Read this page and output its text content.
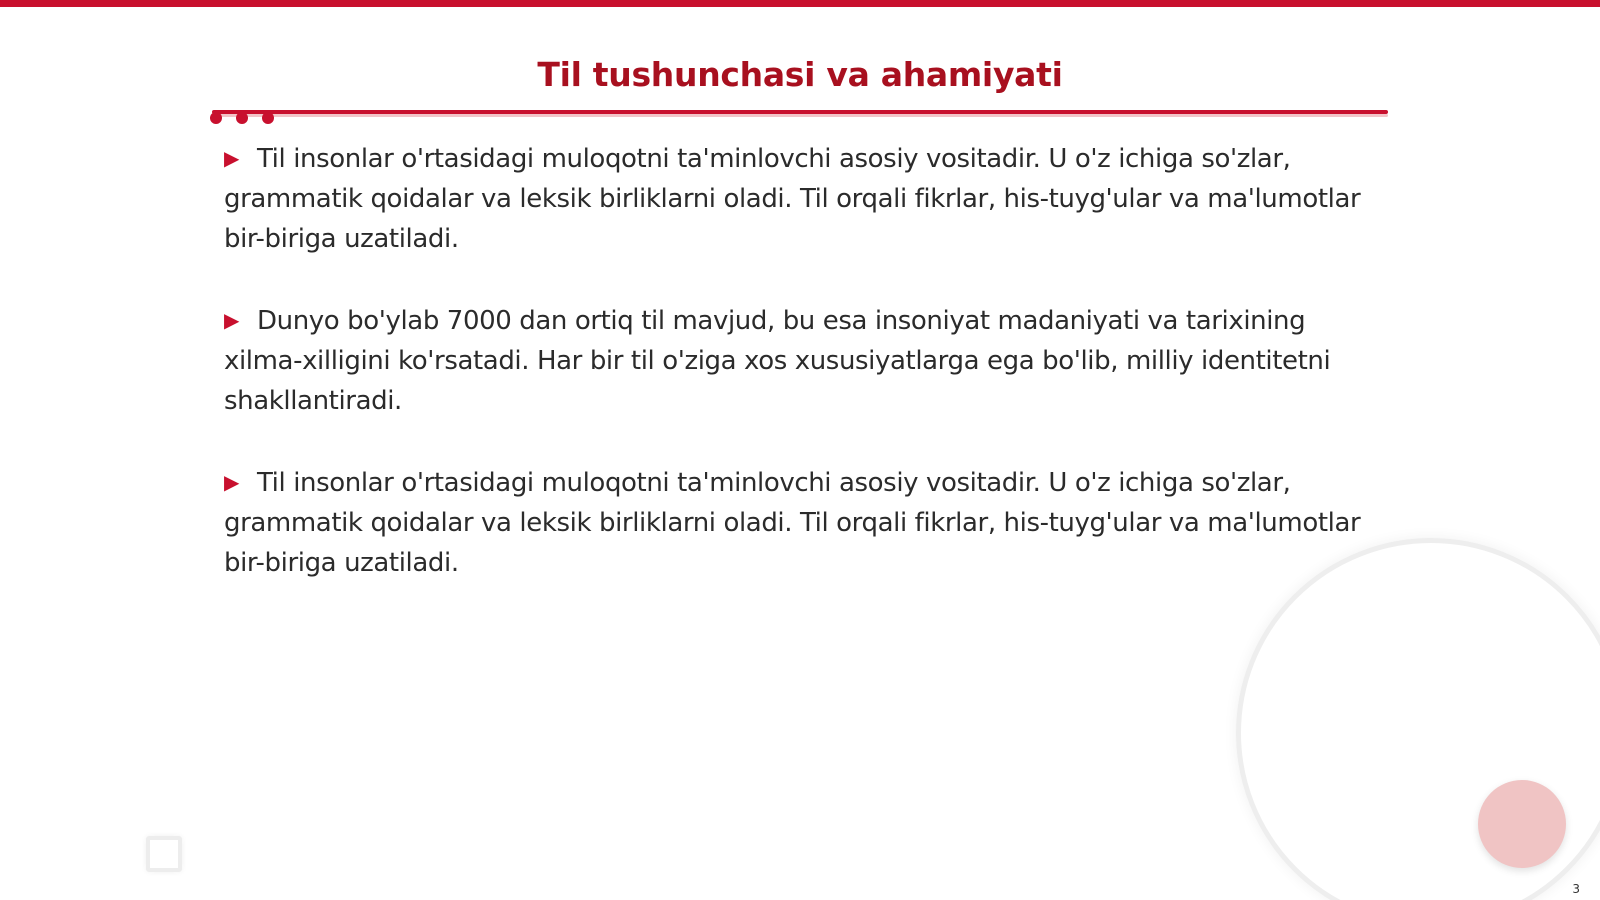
Til tushunchasi va ahamiyati

▶ Til insonlar o'rtasidagi muloqotni ta'minlovchi asosiy vositadir. U o'z ichiga so'zlar, grammatik qoidalar va leksik birliklarni oladi. Til orqali fikrlar, his-tuyg'ular va ma'lumotlar bir-biriga uzatiladi.

▶ Dunyo bo'ylab 7000 dan ortiq til mavjud, bu esa insoniyat madaniyati va tarixining xilma-xilligini ko'rsatadi. Har bir til o'ziga xos xususiyatlarga ega bo'lib, milliy identitetni shakllantiradi.

▶ Til insonlar o'rtasidagi muloqotni ta'minlovchi asosiy vositadir. U o'z ichiga so'zlar, grammatik qoidalar va leksik birliklarni oladi. Til orqali fikrlar, his-tuyg'ular va ma'lumotlar bir-biriga uzatiladi.

3
